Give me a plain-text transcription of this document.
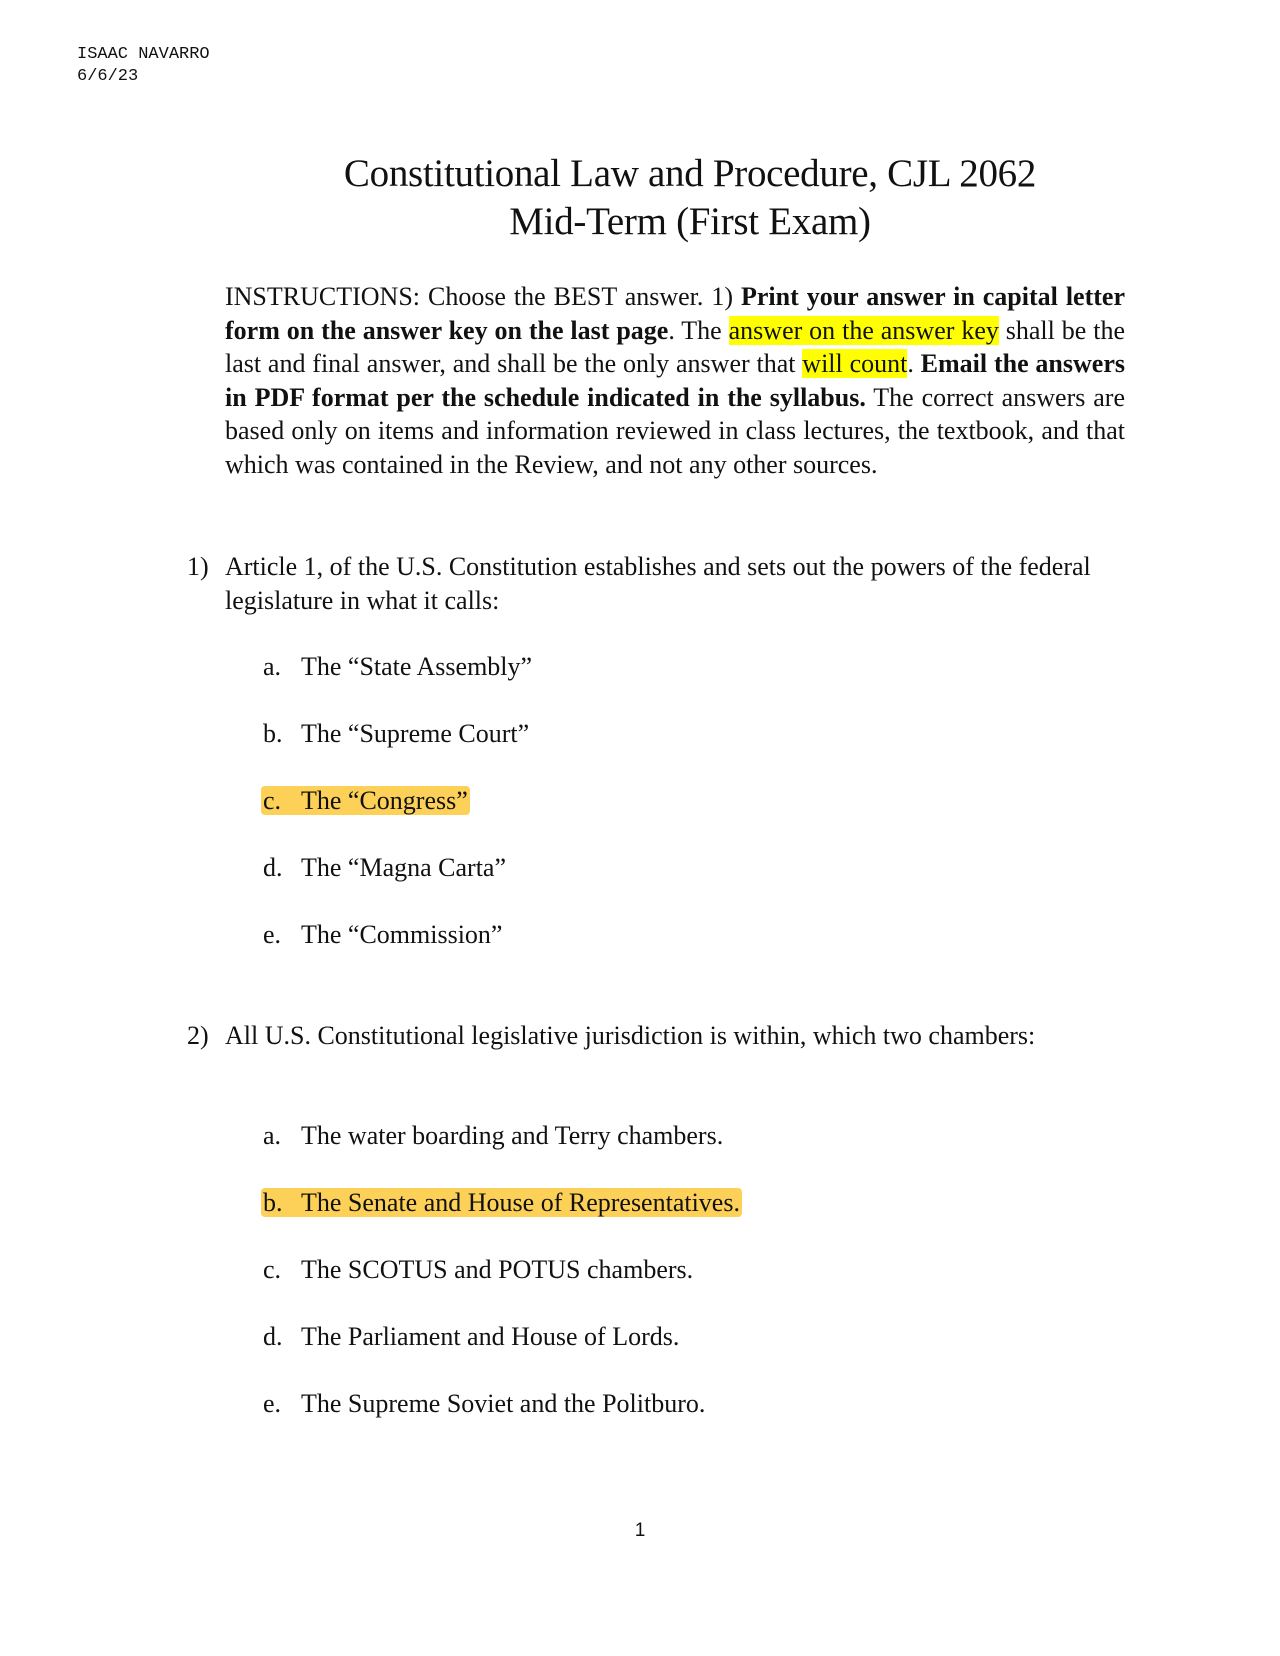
ISAAC NAVARRO
6/6/23
Constitutional Law and Procedure, CJL 2062
Mid-Term (First Exam)
INSTRUCTIONS: Choose the BEST answer. 1) Print your answer in capital letter form on the answer key on the last page. The answer on the answer key shall be the last and final answer, and shall be the only answer that will count. Email the answers in PDF format per the schedule indicated in the syllabus. The correct answers are based only on items and information reviewed in class lectures, the textbook, and that which was contained in the Review, and not any other sources.
1) Article 1, of the U.S. Constitution establishes and sets out the powers of the federal legislature in what it calls:
a. The “State Assembly”
b. The “Supreme Court”
c. The “Congress”
d. The “Magna Carta”
e. The “Commission”
2) All U.S. Constitutional legislative jurisdiction is within, which two chambers:
a. The water boarding and Terry chambers.
b. The Senate and House of Representatives.
c. The SCOTUS and POTUS chambers.
d. The Parliament and House of Lords.
e. The Supreme Soviet and the Politburo.
1
